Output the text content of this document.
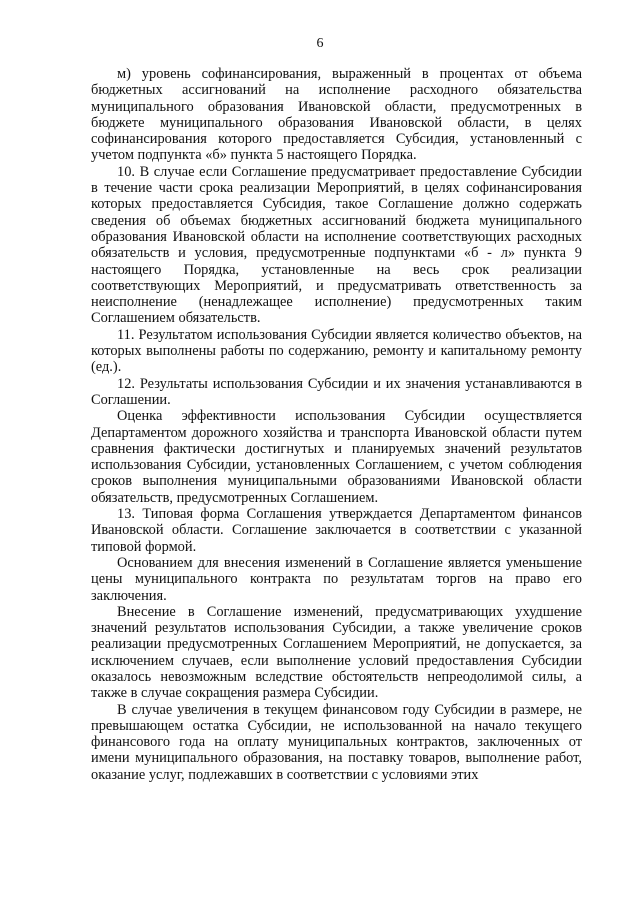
6

м) уровень софинансирования, выраженный в процентах от объема бюджетных ассигнований на исполнение расходного обязательства муниципального образования Ивановской области, предусмотренных в бюджете муниципального образования Ивановской области, в целях софинансирования которого предоставляется Субсидия, установленный с учетом подпункта «б» пункта 5 настоящего Порядка.

10. В случае если Соглашение предусматривает предоставление Субсидии в течение части срока реализации Мероприятий, в целях софинансирования которых предоставляется Субсидия, такое Соглашение должно содержать сведения об объемах бюджетных ассигнований бюджета муниципального образования Ивановской области на исполнение соответствующих расходных обязательств и условия, предусмотренные подпунктами «б - л» пункта 9 настоящего Порядка, установленные на весь срок реализации соответствующих Мероприятий, и предусматривать ответственность за неисполнение (ненадлежащее исполнение) предусмотренных таким Соглашением обязательств.

11. Результатом использования Субсидии является количество объектов, на которых выполнены работы по содержанию, ремонту и капитальному ремонту (ед.).

12. Результаты использования Субсидии и их значения устанавливаются в Соглашении.

Оценка эффективности использования Субсидии осуществляется Департаментом дорожного хозяйства и транспорта Ивановской области путем сравнения фактически достигнутых и планируемых значений результатов использования Субсидии, установленных Соглашением, с учетом соблюдения сроков выполнения муниципальными образованиями Ивановской области обязательств, предусмотренных Соглашением.

13. Типовая форма Соглашения утверждается Департаментом финансов Ивановской области. Соглашение заключается в соответствии с указанной типовой формой.

Основанием для внесения изменений в Соглашение является уменьшение цены муниципального контракта по результатам торгов на право его заключения.

Внесение в Соглашение изменений, предусматривающих ухудшение значений результатов использования Субсидии, а также увеличение сроков реализации предусмотренных Соглашением Мероприятий, не допускается, за исключением случаев, если выполнение условий предоставления Субсидии оказалось невозможным вследствие обстоятельств непреодолимой силы, а также в случае сокращения размера Субсидии.

В случае увеличения в текущем финансовом году Субсидии в размере, не превышающем остатка Субсидии, не использованной на начало текущего финансового года на оплату муниципальных контрактов, заключенных от имени муниципального образования, на поставку товаров, выполнение работ, оказание услуг, подлежавших в соответствии с условиями этих
